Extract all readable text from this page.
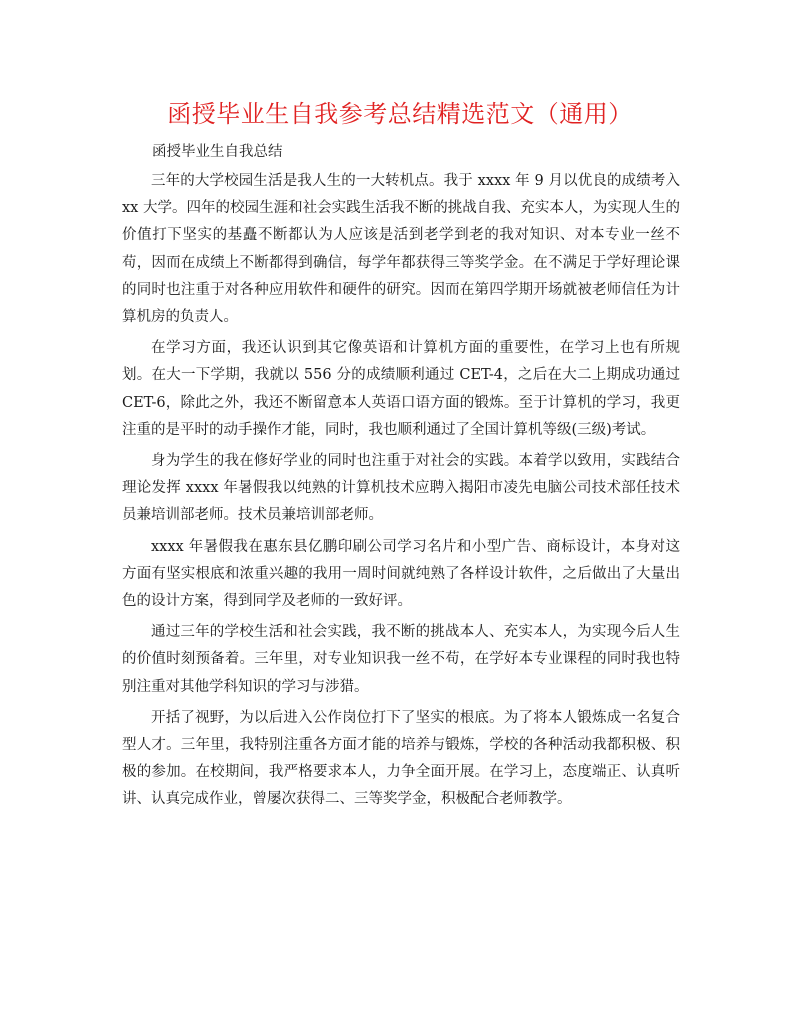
函授毕业生自我参考总结精选范文（通用）

函授毕业生自我总结

三年的大学校园生活是我人生的一大转机点。我于 xxxx 年 9 月以优良的成绩考入 xx 大学。四年的校园生涯和社会实践生活我不断的挑战自我、充实本人，为实现人生的价值打下坚实的基矗不断都认为人应该是活到老学到老的我对知识、对本专业一丝不苟，因而在成绩上不断都得到确信，每学年都获得三等奖学金。在不满足于学好理论课的同时也注重于对各种应用软件和硬件的研究。因而在第四学期开场就被老师信任为计算机房的负责人。

在学习方面，我还认识到其它像英语和计算机方面的重要性，在学习上也有所规划。在大一下学期，我就以 556 分的成绩顺利通过 CET-4，之后在大二上期成功通过 CET-6，除此之外，我还不断留意本人英语口语方面的锻炼。至于计算机的学习，我更注重的是平时的动手操作才能，同时，我也顺利通过了全国计算机等级(三级)考试。

身为学生的我在修好学业的同时也注重于对社会的实践。本着学以致用，实践结合理论发挥 xxxx 年暑假我以纯熟的计算机技术应聘入揭阳市凌先电脑公司技术部任技术员兼培训部老师。技术员兼培训部老师。

xxxx 年暑假我在惠东县亿鹏印刷公司学习名片和小型广告、商标设计，本身对这方面有坚实根底和浓重兴趣的我用一周时间就纯熟了各样设计软件，之后做出了大量出色的设计方案，得到同学及老师的一致好评。

通过三年的学校生活和社会实践，我不断的挑战本人、充实本人，为实现今后人生的价值时刻预备着。三年里，对专业知识我一丝不苟，在学好本专业课程的同时我也特别注重对其他学科知识的学习与涉猎。

开括了视野，为以后进入公作岗位打下了坚实的根底。为了将本人锻炼成一名复合型人才。三年里，我特别注重各方面才能的培养与锻炼，学校的各种活动我都积极、积极的参加。在校期间，我严格要求本人，力争全面开展。在学习上，态度端正、认真听讲、认真完成作业，曾屡次获得二、三等奖学金，积极配合老师教学。
